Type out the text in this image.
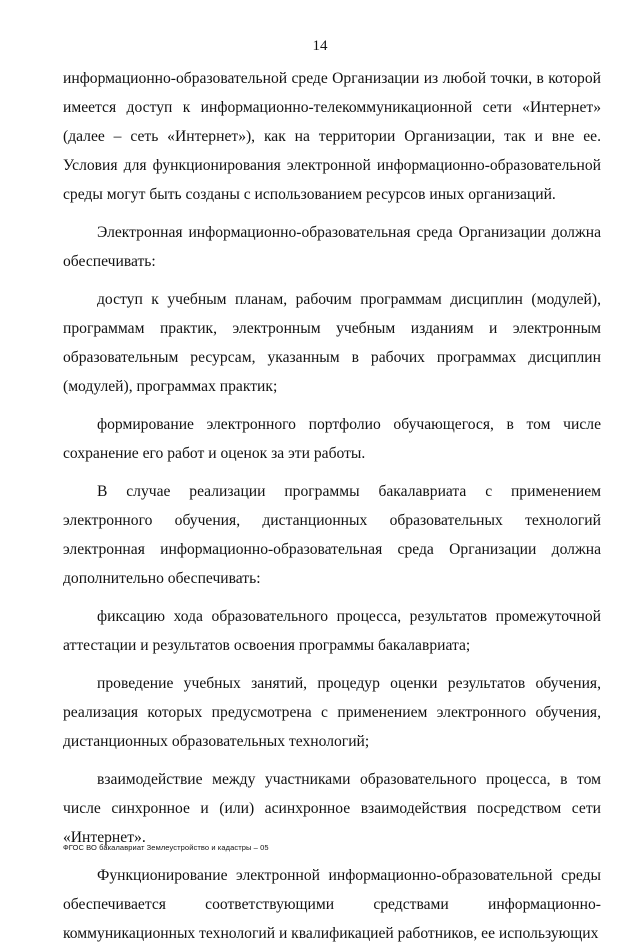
14

информационно-образовательной среде Организации из любой точки, в которой имеется доступ к информационно-телекоммуникационной сети «Интернет» (далее – сеть «Интернет»), как на территории Организации, так и вне ее. Условия для функционирования электронной информационно-образовательной среды могут быть созданы с использованием ресурсов иных организаций.

Электронная информационно-образовательная среда Организации должна обеспечивать:

доступ к учебным планам, рабочим программам дисциплин (модулей), программам практик, электронным учебным изданиям и электронным образовательным ресурсам, указанным в рабочих программах дисциплин (модулей), программах практик;

формирование электронного портфолио обучающегося, в том числе сохранение его работ и оценок за эти работы.

В случае реализации программы бакалавриата с применением электронного обучения, дистанционных образовательных технологий электронная информационно-образовательная среда Организации должна дополнительно обеспечивать:

фиксацию хода образовательного процесса, результатов промежуточной аттестации и результатов освоения программы бакалавриата;

проведение учебных занятий, процедур оценки результатов обучения, реализация которых предусмотрена с применением электронного обучения, дистанционных образовательных технологий;

взаимодействие между участниками образовательного процесса, в том числе синхронное и (или) асинхронное взаимодействия посредством сети «Интернет».

Функционирование электронной информационно-образовательной среды обеспечивается соответствующими средствами информационно-коммуникационных технологий и квалификацией работников, ее использующих

ФГОС ВО бакалавриат Землеустройство и кадастры – 05
